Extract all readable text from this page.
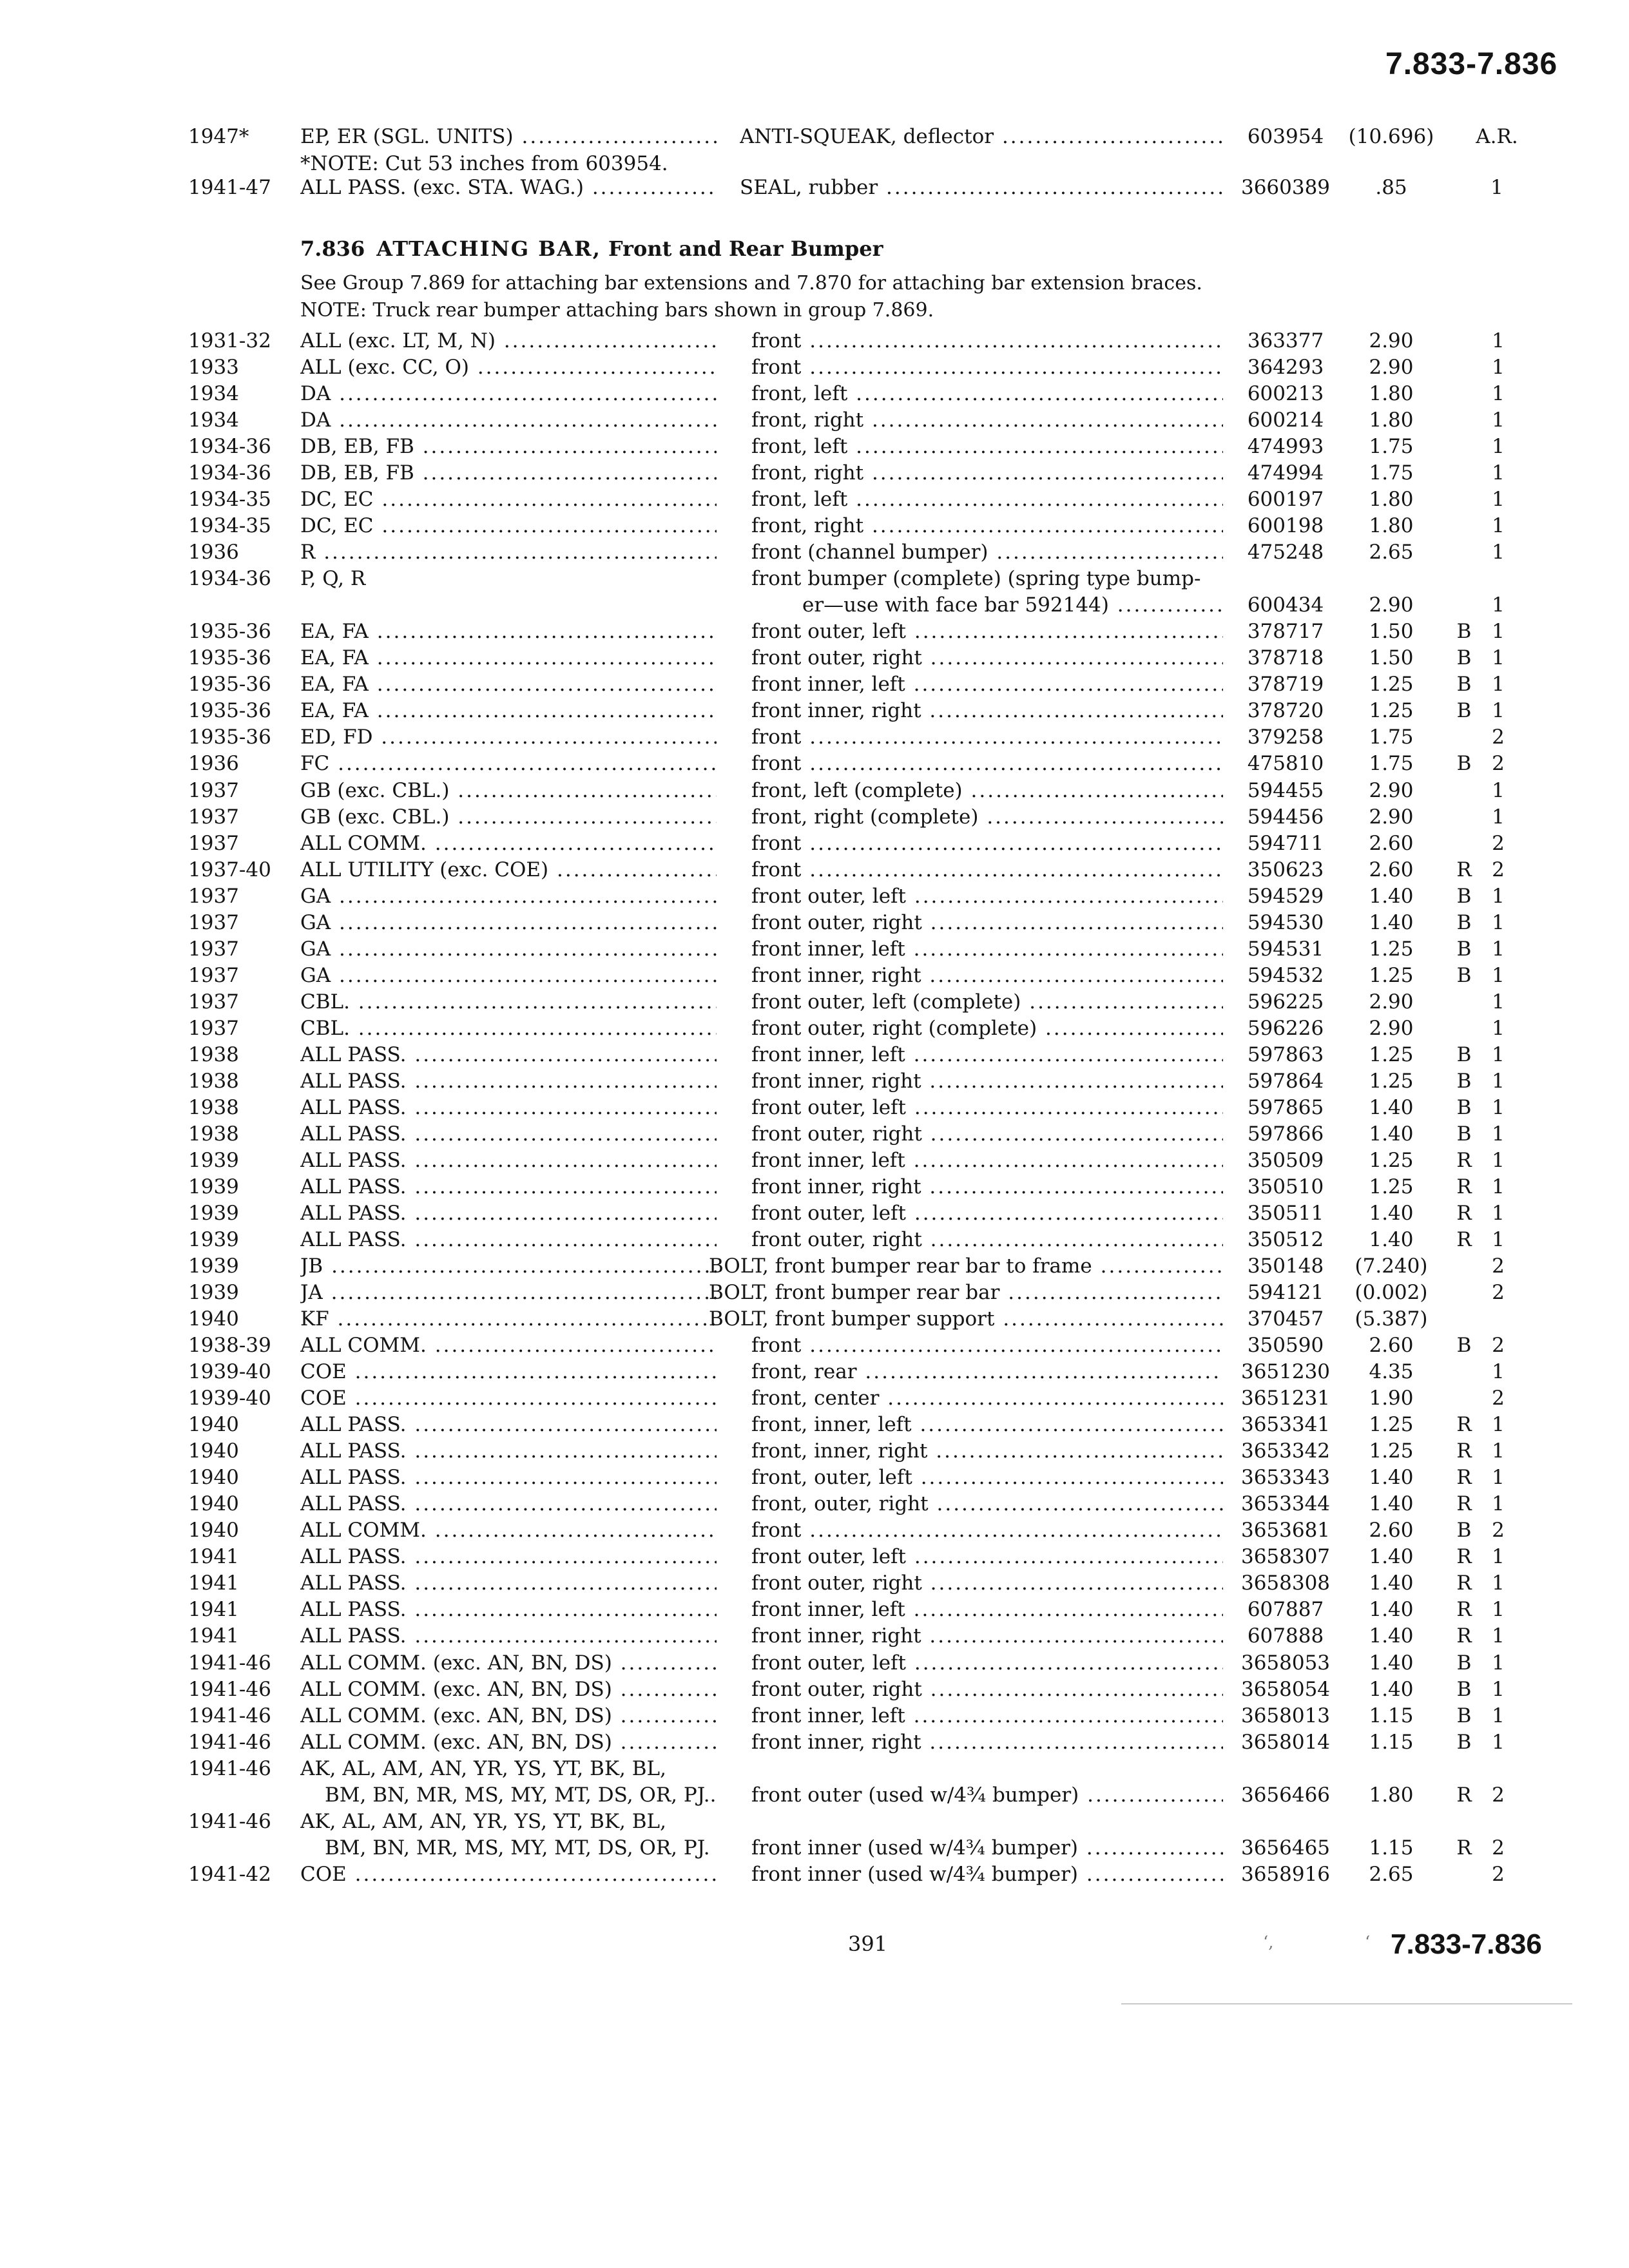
7.833-7.836
1947*	EP, ER (SGL. UNITS) .....	ANTI-SQUEAK, deflector .....	603954	(10.696)	A.R.
1941-47	ALL PASS. (exc. STA. WAG.) .....	SEAL, rubber .....	3660389	.85	1
*NOTE: Cut 53 inches from 603954.
7.836 ATTACHING BAR, Front and Rear Bumper
See Group 7.869 for attaching bar extensions and 7.870 for attaching bar extension braces.
NOTE: Truck rear bumper attaching bars shown in group 7.869.
1931-32	ALL (exc. LT, M, N) .....	front .....	363377	2.90	1
1933	ALL (exc. CC, O) .....	front .....	364293	2.90	1
1934	DA .....	front, left .....	600213	1.80	1
1934	DA .....	front, right .....	600214	1.80	1
1934-36	DB, EB, FB .....	front, left .....	474993	1.75	1
1934-36	DB, EB, FB .....	front, right .....	474994	1.75	1
1934-35	DC, EC .....	front, left .....	600197	1.80	1
1934-35	DC, EC .....	front, right .....	600198	1.80	1
1936	R .....	front (channel bumper) .....	475248	2.65	1
1934-36	P, Q, R	front bumper (complete) (spring type bump-
er—use with face bar 592144) .....	600434	2.90	1
1935-36	EA, FA .....	front outer, left .....	378717	1.50	B	1
1935-36	EA, FA .....	front outer, right .....	378718	1.50	B	1
1935-36	EA, FA .....	front inner, left .....	378719	1.25	B	1
1935-36	EA, FA .....	front inner, right .....	378720	1.25	B	1
1935-36	ED, FD .....	front .....	379258	1.75	2
1936	FC .....	front .....	475810	1.75	B	2
1937	GB (exc. CBL.) .....	front, left (complete) .....	594455	2.90	1
1937	GB (exc. CBL.) .....	front, right (complete) .....	594456	2.90	1
1937	ALL COMM. .....	front .....	594711	2.60	2
1937-40	ALL UTILITY (exc. COE) .....	front .....	350623	2.60	R	2
1937	GA .....	front outer, left .....	594529	1.40	B	1
1937	GA .....	front outer, right .....	594530	1.40	B	1
1937	GA .....	front inner, left .....	594531	1.25	B	1
1937	GA .....	front inner, right .....	594532	1.25	B	1
1937	CBL. .....	front outer, left (complete) .....	596225	2.90	1
1937	CBL. .....	front outer, right (complete) .....	596226	2.90	1
1938	ALL PASS. .....	front inner, left .....	597863	1.25	B	1
1938	ALL PASS. .....	front inner, right .....	597864	1.25	B	1
1938	ALL PASS. .....	front outer, left .....	597865	1.40	B	1
1938	ALL PASS. .....	front outer, right .....	597866	1.40	B	1
1939	ALL PASS. .....	front inner, left .....	350509	1.25	R	1
1939	ALL PASS. .....	front inner, right .....	350510	1.25	R	1
1939	ALL PASS. .....	front outer, left .....	350511	1.40	R	1
1939	ALL PASS. .....	front outer, right .....	350512	1.40	R	1
1939	JB .....	BOLT, front bumper rear bar to frame .....	350148	(7.240)	2
1939	JA .....	BOLT, front bumper rear bar .....	594121	(0.002)	2
1940	KF .....	BOLT, front bumper support .....	370457	(5.387)
1938-39	ALL COMM. .....	front .....	350590	2.60	B	2
1939-40	COE .....	front, rear .....	3651230	4.35	1
1939-40	COE .....	front, center .....	3651231	1.90	2
1940	ALL PASS. .....	front, inner, left .....	3653341	1.25	R	1
1940	ALL PASS. .....	front, inner, right .....	3653342	1.25	R	1
1940	ALL PASS. .....	front, outer, left .....	3653343	1.40	R	1
1940	ALL PASS. .....	front, outer, right .....	3653344	1.40	R	1
1940	ALL COMM. .....	front .....	3653681	2.60	B	2
1941	ALL PASS. .....	front outer, left .....	3658307	1.40	R	1
1941	ALL PASS. .....	front outer, right .....	3658308	1.40	R	1
1941	ALL PASS. .....	front inner, left .....	607887	1.40	R	1
1941	ALL PASS. .....	front inner, right .....	607888	1.40	R	1
1941-46	ALL COMM. (exc. AN, BN, DS) .....	front outer, left .....	3658053	1.40	B	1
1941-46	ALL COMM. (exc. AN, BN, DS) .....	front outer, right .....	3658054	1.40	B	1
1941-46	ALL COMM. (exc. AN, BN, DS) .....	front inner, left .....	3658013	1.15	B	1
1941-46	ALL COMM. (exc. AN, BN, DS) .....	front inner, right .....	3658014	1.15	B	1
1941-46	AK, AL, AM, AN, YR, YS, YT, BK, BL,
BM, BN, MR, MS, MY, MT, DS, OR, PJ..	front outer (used w/4¾ bumper) .....	3656466	1.80	R	2
1941-46	AK, AL, AM, AN, YR, YS, YT, BK, BL,
BM, BN, MR, MS, MY, MT, DS, OR, PJ.	front inner (used w/4¾ bumper) .....	3656465	1.15	R	2
1941-42	COE .....	front inner (used w/4¾ bumper) .....	3658916	2.65	2
391	7.833-7.836
‘,	‘
